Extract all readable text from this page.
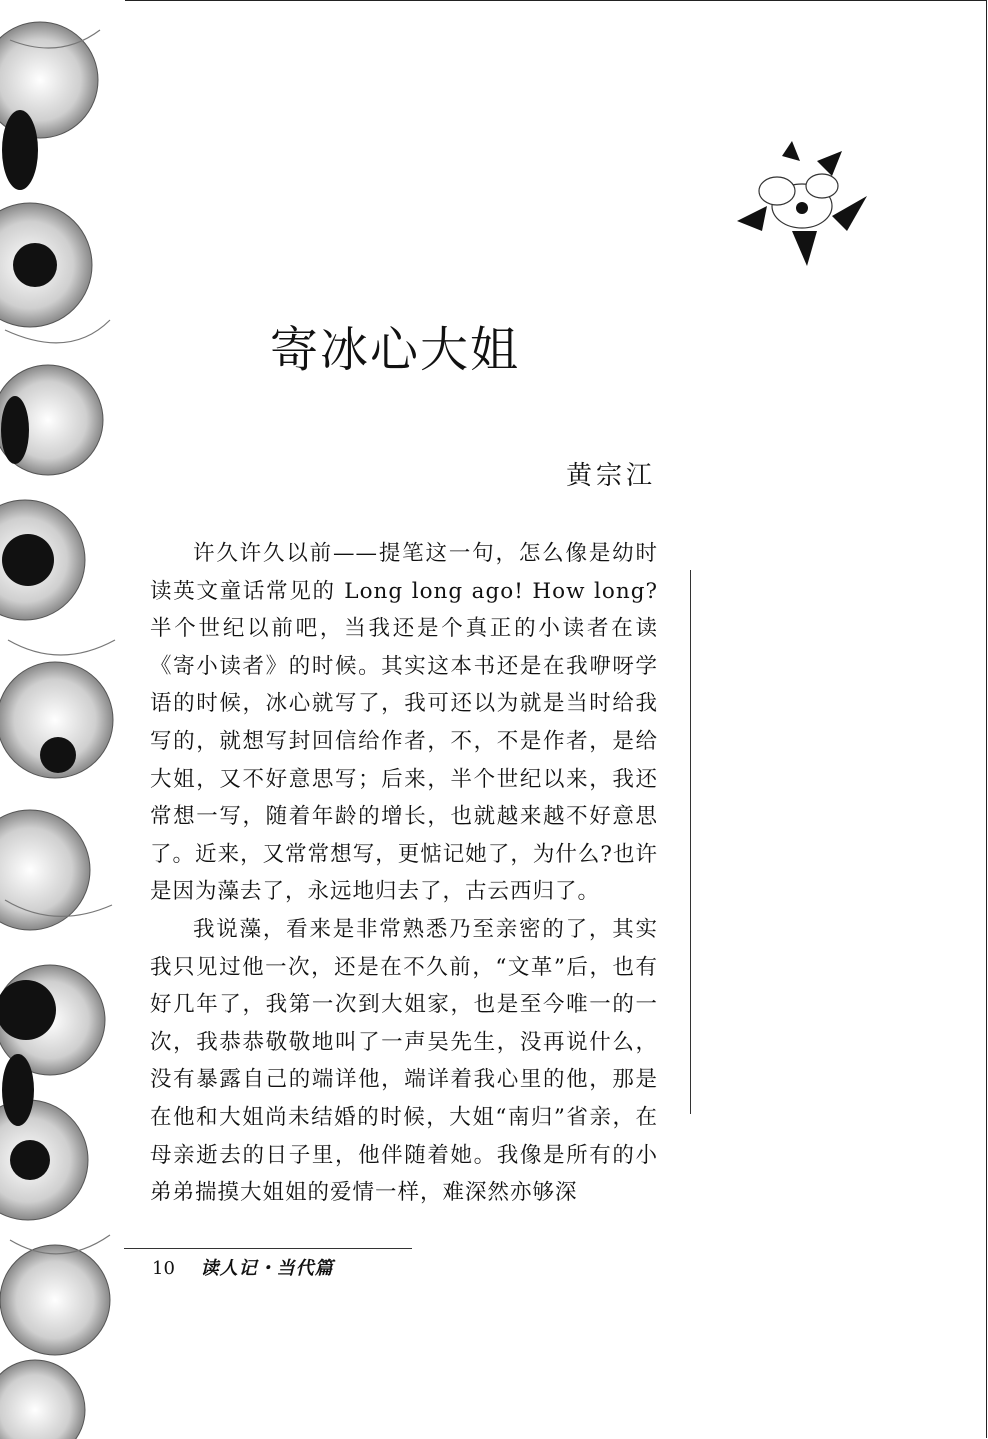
寄冰心大姐
黄宗江

许久许久以前——提笔这一句，怎么像是幼时读英文童话常见的 Long long ago! How long?半个世纪以前吧，当我还是个真正的小读者在读《寄小读者》的时候。其实这本书还是在我咿呀学语的时候，冰心就写了，我可还以为就是当时给我写的，就想写封回信给作者，不，不是作者，是给大姐，又不好意思写；后来，半个世纪以来，我还常想一写，随着年龄的增长，也就越来越不好意思了。近来，又常常想写，更惦记她了，为什么?也许是因为藻去了，永远地归去了，古云西归了。

我说藻，看来是非常熟悉乃至亲密的了，其实我只见过他一次，还是在不久前，“文革”后，也有好几年了，我第一次到大姐家，也是至今唯一的一次，我恭恭敬敬地叫了一声吴先生，没再说什么，没有暴露自己的端详他，端详着我心里的他，那是在他和大姐尚未结婚的时候，大姐“南归”省亲，在母亲逝去的日子里，他伴随着她。我像是所有的小弟弟揣摸大姐姐的爱情一样，难深然亦够深

10 读人记・当代篇
